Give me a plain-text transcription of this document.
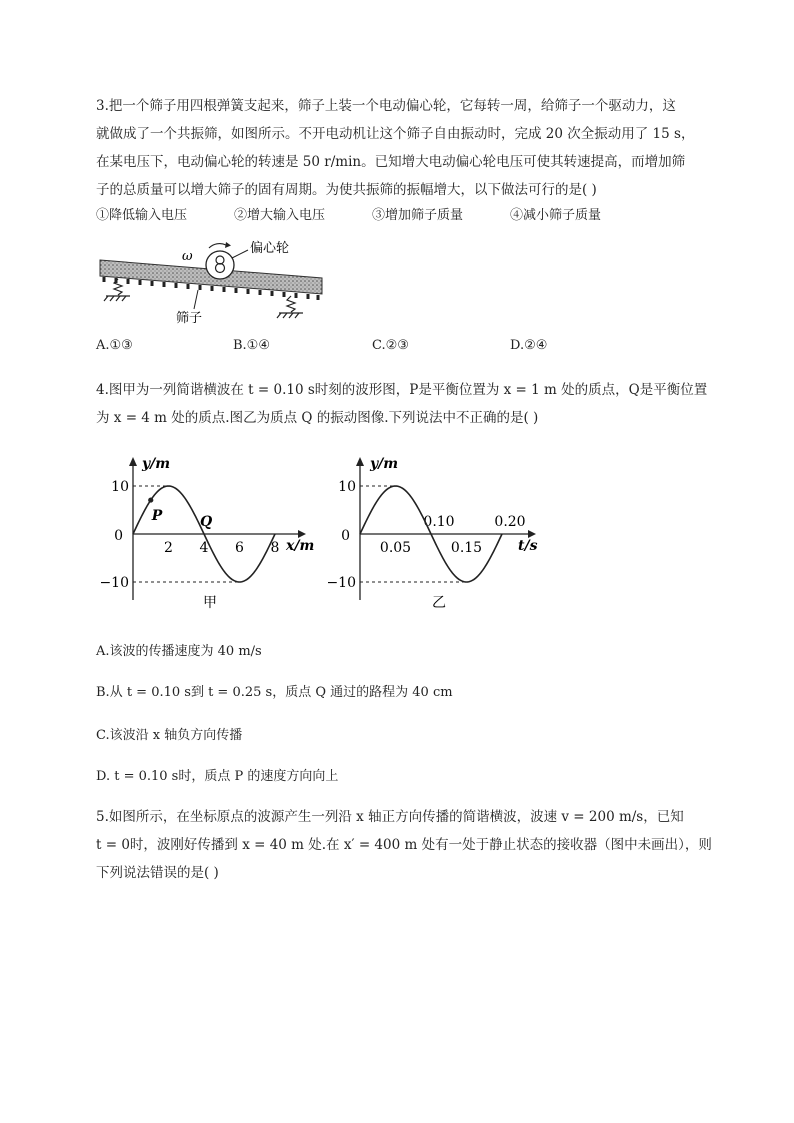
3.把一个筛子用四根弹簧支起来，筛子上装一个电动偏心轮，它每转一周，给筛子一个驱动力，这
就做成了一个共振筛，如图所示。不开电动机让这个筛子自由振动时，完成 20 次全振动用了 15 s，
在某电压下，电动偏心轮的转速是 50 r/min。已知增大电动偏心轮电压可使其转速提高，而增加筛
子的总质量可以增大筛子的固有周期。为使共振筛的振幅增大，以下做法可行的是( )
①降低输入电压	②增大输入电压	③增加筛子质量	④减小筛子质量
ω
偏心轮
筛子
A.①③	B.①④	C.②③	D.②④
4.图甲为一列简谐横波在 t = 0.10 s时刻的波形图，P是平衡位置为 x = 1 m 处的质点，Q是平衡位置
为 x = 4 m 处的质点.图乙为质点 Q 的振动图像.下列说法中不正确的是( )
y/m
x/m
10
0
−10
2 4 6 8
P	Q
甲
y/m
t/s
10
0
−10
0.05	0.15
0.10	0.20
乙
A.该波的传播速度为 40 m/s
B.从 t = 0.10 s到 t = 0.25 s，质点 Q 通过的路程为 40 cm
C.该波沿 x 轴负方向传播
D. t = 0.10 s时，质点 P 的速度方向向上
5.如图所示，在坐标原点的波源产生一列沿 x 轴正方向传播的简谐横波，波速 v = 200 m/s，已知
t = 0时，波刚好传播到 x = 40 m 处.在 x′ = 400 m 处有一处于静止状态的接收器（图中未画出），则
下列说法错误的是( )
